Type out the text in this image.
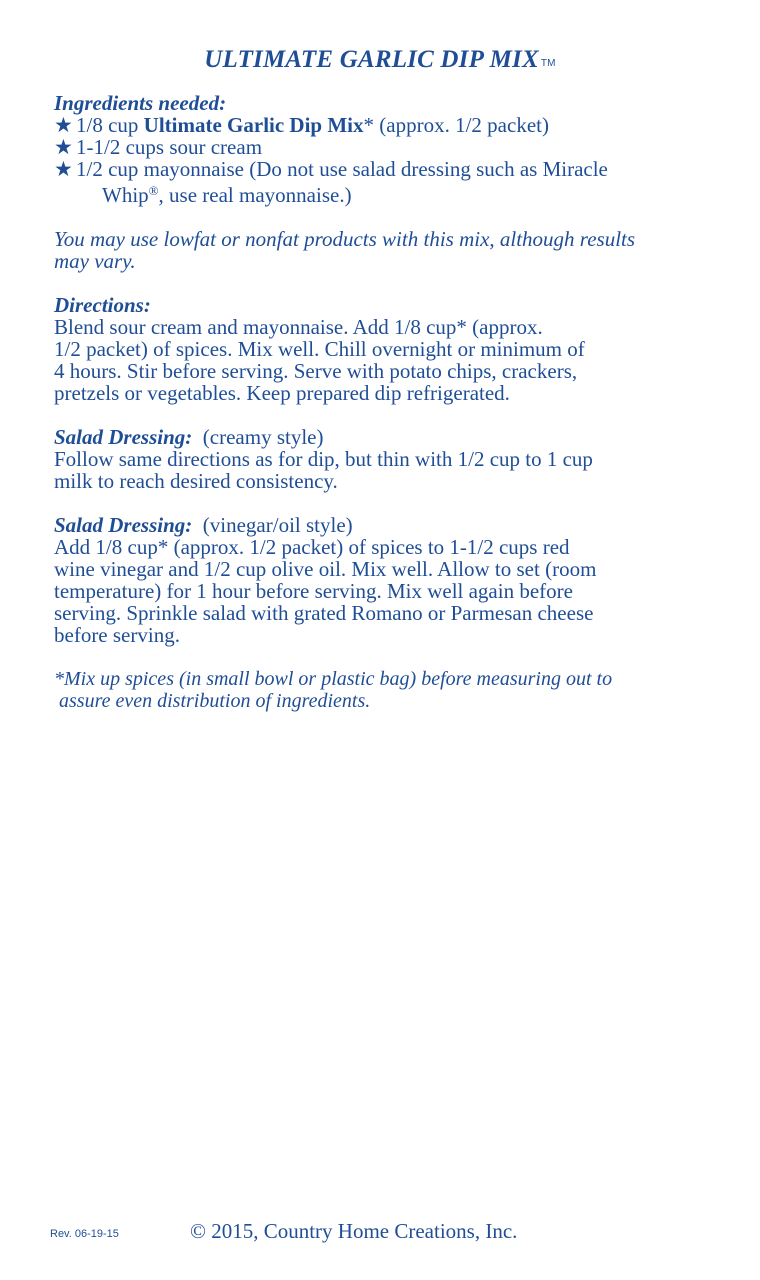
ULTIMATE GARLIC DIP MIX TM
Ingredients needed:
★ 1/8 cup Ultimate Garlic Dip Mix* (approx. 1/2 packet)
★ 1-1/2 cups sour cream
★ 1/2 cup mayonnaise (Do not use salad dressing such as Miracle
Whip®, use real mayonnaise.)
You may use lowfat or nonfat products with this mix, although results
may vary.
Directions:
Blend sour cream and mayonnaise. Add 1/8 cup* (approx.
1/2 packet) of spices. Mix well. Chill overnight or minimum of
4 hours. Stir before serving. Serve with potato chips, crackers,
pretzels or vegetables. Keep prepared dip refrigerated.
Salad Dressing: (creamy style)
Follow same directions as for dip, but thin with 1/2 cup to 1 cup
milk to reach desired consistency.
Salad Dressing: (vinegar/oil style)
Add 1/8 cup* (approx. 1/2 packet) of spices to 1-1/2 cups red
wine vinegar and 1/2 cup olive oil. Mix well. Allow to set (room
temperature) for 1 hour before serving. Mix well again before
serving. Sprinkle salad with grated Romano or Parmesan cheese
before serving.
*Mix up spices (in small bowl or plastic bag) before measuring out to
assure even distribution of ingredients.
Rev. 06-19-15	© 2015, Country Home Creations, Inc.
